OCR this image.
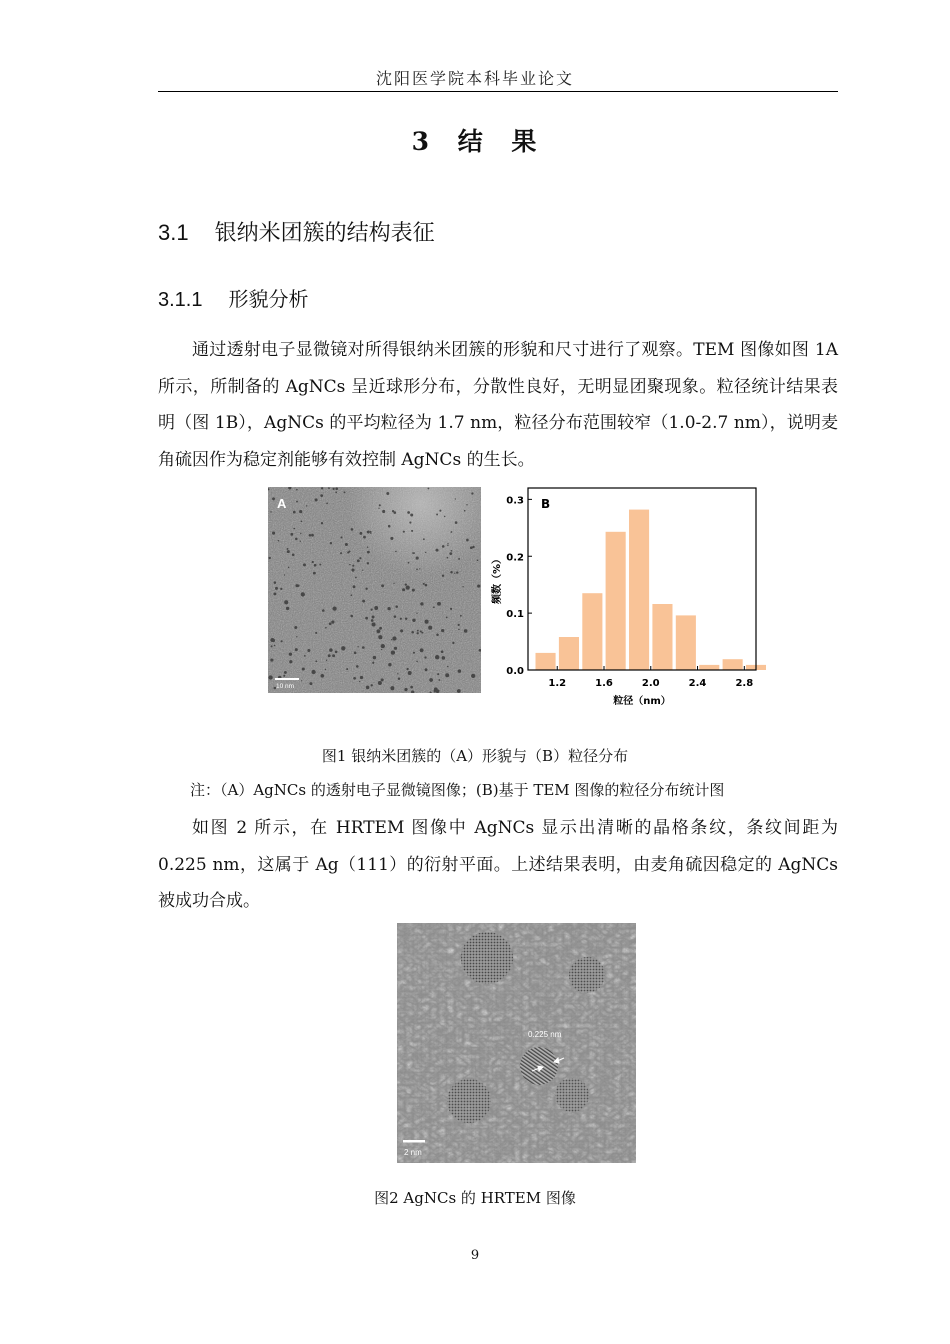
沈阳医学院本科毕业论文
3 结 果
3.1 银纳米团簇的结构表征
3.1.1 形貌分析
通过透射电子显微镜对所得银纳米团簇的形貌和尺寸进行了观察。TEM 图像如图 1A 所示，所制备的 AgNCs 呈近球形分布，分散性良好，无明显团聚现象。粒径统计结果表明（图 1B），AgNCs 的平均粒径为 1.7 nm，粒径分布范围较窄（1.0-2.7 nm），说明麦角硫因作为稳定剂能够有效控制 AgNCs 的生长。
A
10 nm
0.0
0.1
0.2
0.3
1.2	1.6	2.0	2.4	2.8
B
粒径（nm）
频数（%）
图1 银纳米团簇的（A）形貌与（B）粒径分布
注：（A）AgNCs 的透射电子显微镜图像；(B)基于 TEM 图像的粒径分布统计图
如图 2 所示，在 HRTEM 图像中 AgNCs 显示出清晰的晶格条纹，条纹间距为 0.225 nm，这属于 Ag（111）的衍射平面。上述结果表明，由麦角硫因稳定的 AgNCs 被成功合成。
0.225 nm
2 nm
图2 AgNCs 的 HRTEM 图像
9
